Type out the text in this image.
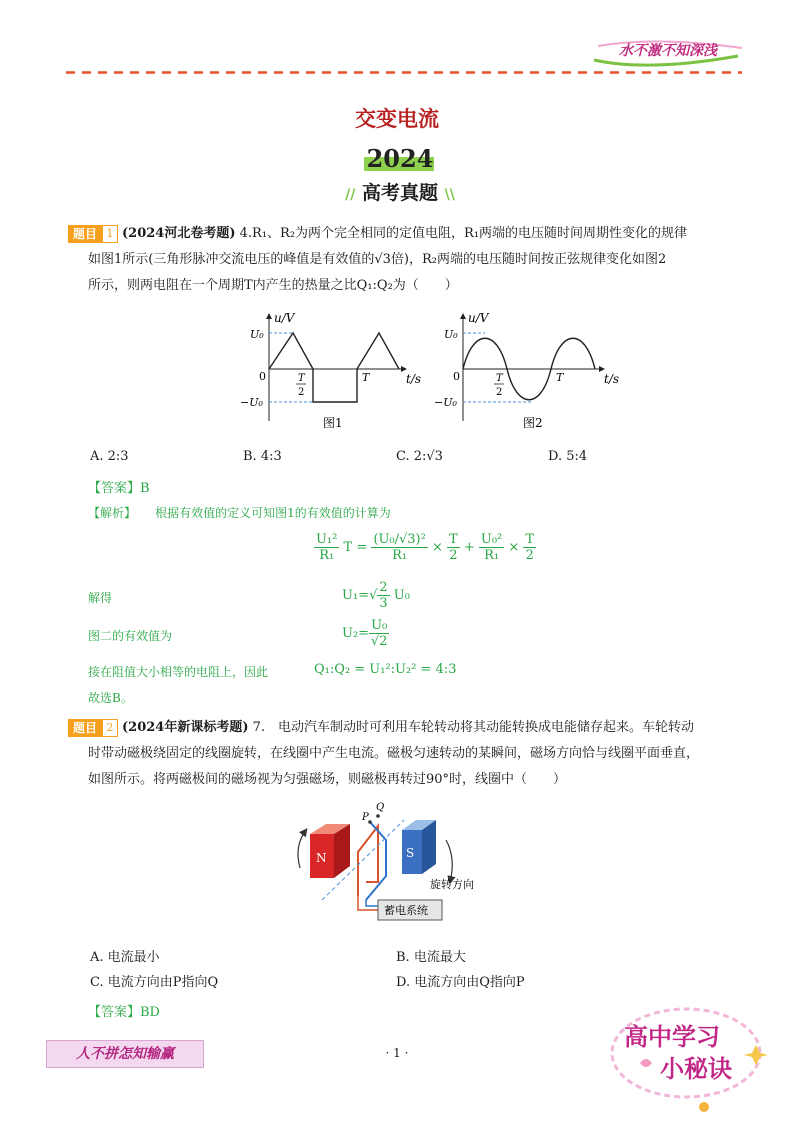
水不激不知深浅
交变电流
2024
// 高考真题 \\
题目 1 (2024河北卷考题) 4.R₁、R₂为两个完全相同的定值电阻，R₁两端的电压随时间周期性变化的规律
如图1所示(三角形脉冲交流电压的峰值是有效值的√3倍)，R₂两端的电压随时间按正弦规律变化如图2
所示，则两电阻在一个周期T内产生的热量之比Q₁:Q₂为（　　）
u/V
t/s
U₀
−U₀
0	T
2
T
图1
u/V
t/s
U₀
−U₀
0	T
2
T
图2
A. 2:3	B. 4:3	C. 2:√3	D. 5:4
【答案】B
【解析】 根据有效值的定义可知图1的有效值的计算为
$\frac{\text{U₁²}}{\text{R₁}}$ $T = \frac{\text{(U₀/√3)²}}{\text{R₁}} \times \frac{T}{2} + \frac{\text{U₀²}}{\text{R₁}} \times \frac{T}{2}$
解得	$U_1=√ \frac{2}{3} U_0$
图二的有效值为	$U_2= \frac{\text{U₀}}{√2}$
接在阻值大小相等的电阻上，因此	Q₁:Q₂ = U₁²:U₂² = 4:3
故选B。
题目 2 (2024年新课标考题) 7.　电动汽车制动时可利用车轮转动将其动能转换成电能储存起来。车轮转动
时带动磁极绕固定的线圈旋转，在线圈中产生电流。磁极匀速转动的某瞬间，磁场方向恰与线圈平面垂直，
如图所示。将两磁极间的磁场视为匀强磁场，则磁极再转过90°时，线圈中（　　）
N	S
P
Q
蓄电系统
旋转方向
A. 电流最小	B. 电流最大
C. 电流方向由P指向Q	D. 电流方向由Q指向P
【答案】BD
人不拼怎知输赢	· 1 ·
高中学习
小秘诀
